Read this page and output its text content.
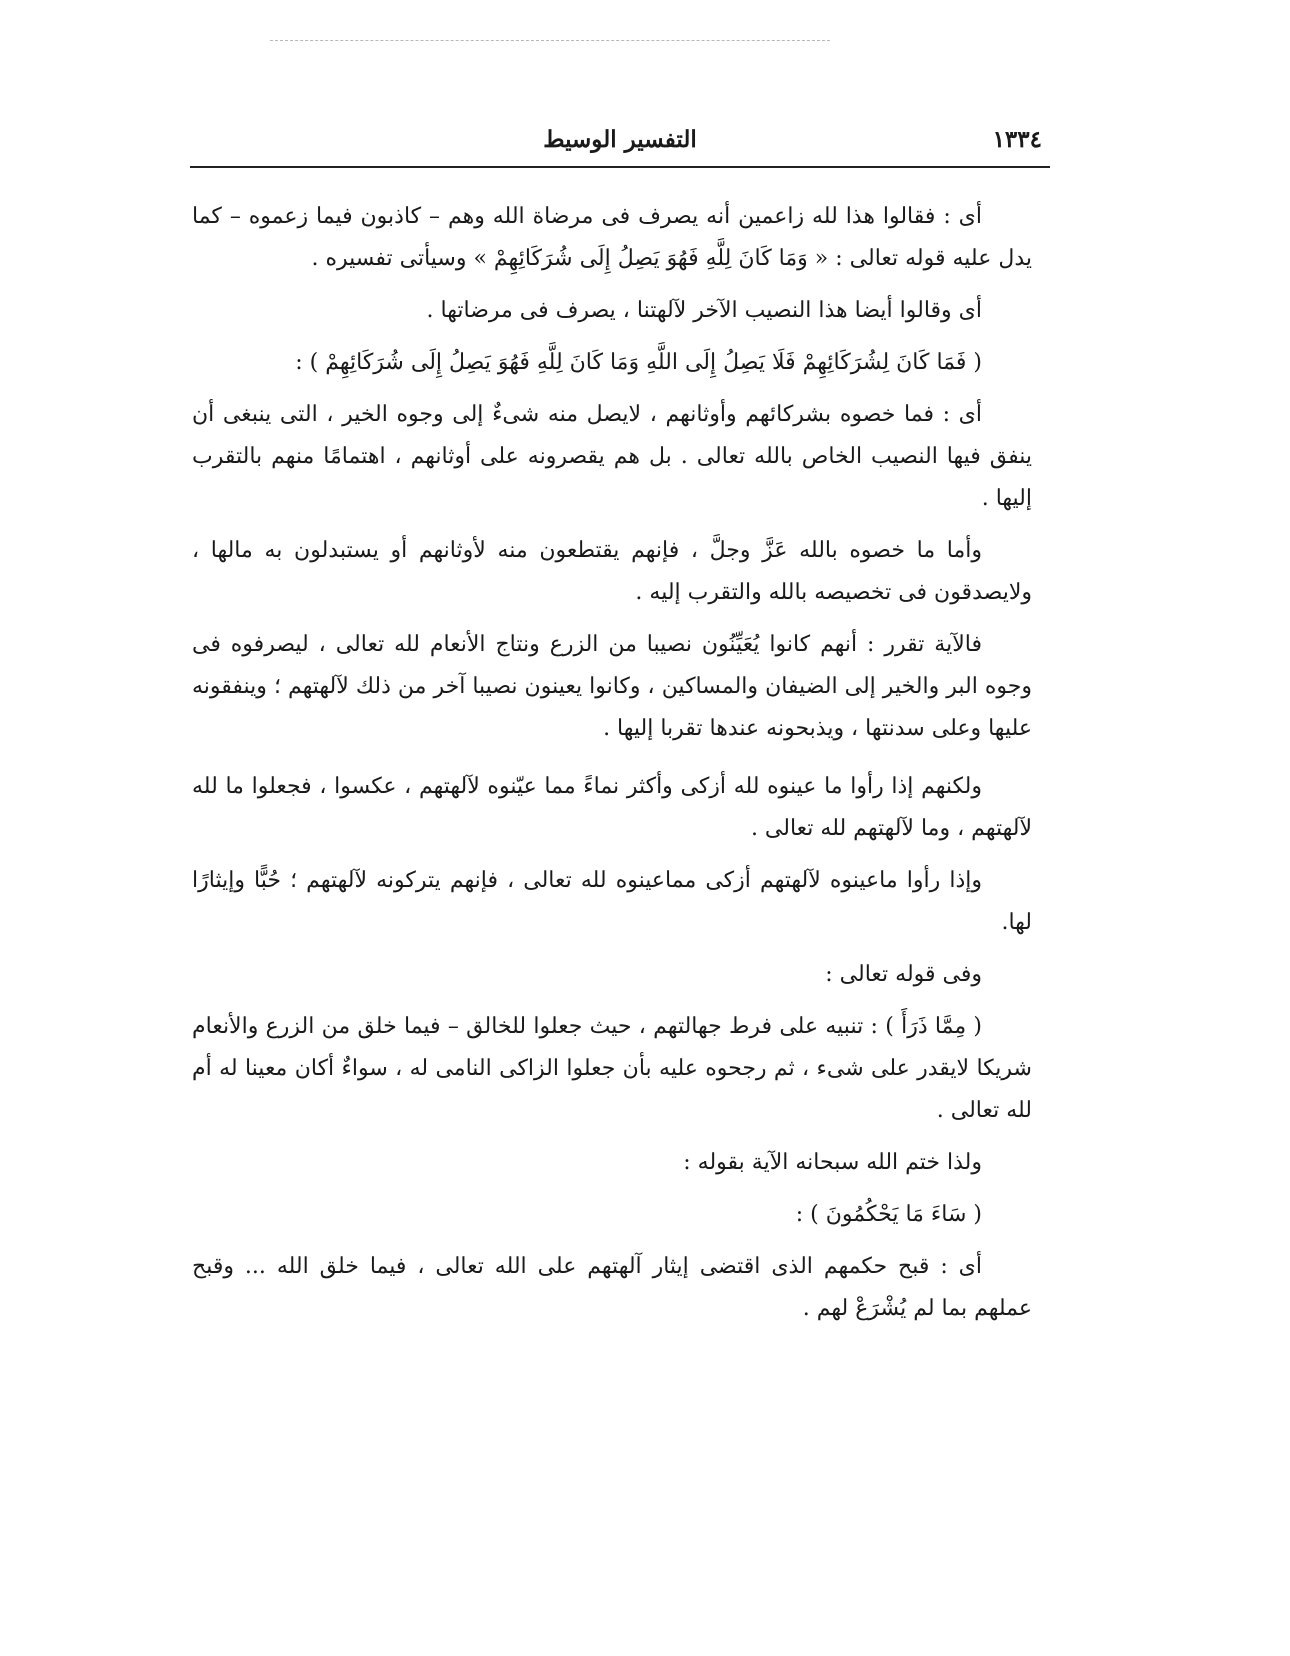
التفسير الوسيط	١٣٣٤

أى : فقالوا هذا لله زاعمين أنه يصرف فى مرضاة الله وهم – كاذبون فيما زعموه – كما يدل عليه قوله تعالى : « وَمَا كَانَ لِلَّهِ فَهُوَ يَصِلُ إِلَى شُرَكَائِهِمْ » وسيأتى تفسيره .

أى وقالوا أيضا هذا النصيب الآخر لآلهتنا ، يصرف فى مرضاتها .

( فَمَا كَانَ لِشُرَكَائِهِمْ فَلَا يَصِلُ إِلَى اللَّهِ وَمَا كَانَ لِلَّهِ فَهُوَ يَصِلُ إِلَى شُرَكَائِهِمْ ) :

أى : فما خصوه بشركائهم وأوثانهم ، لايصل منه شىءٌ إلى وجوه الخير ، التى ينبغى أن ينفق فيها النصيب الخاص بالله تعالى . بل هم يقصرونه على أوثانهم ، اهتمامًا منهم بالتقرب إليها .

وأما ما خصوه بالله عَزَّ وجلَّ ، فإنهم يقتطعون منه لأوثانهم أو يستبدلون به مالها ، ولايصدقون فى تخصيصه بالله والتقرب إليه .

فالآية تقرر : أنهم كانوا يُعَيِّنُون نصيبا من الزرع ونتاج الأنعام لله تعالى ، ليصرفوه فى وجوه البر والخير إلى الضيفان والمساكين ، وكانوا يعينون نصيبا آخر من ذلك لآلهتهم ؛ وينفقونه عليها وعلى سدنتها ، ويذبحونه عندها تقربا إليها .

ولكنهم إذا رأوا ما عينوه لله أزكى وأكثر نماءً مما عيّنوه لآلهتهم ، عكسوا ، فجعلوا ما لله لآلهتهم ، وما لآلهتهم لله تعالى .

وإذا رأوا ماعينوه لآلهتهم أزكى مماعينوه لله تعالى ، فإنهم يتركونه لآلهتهم ؛ حُبًّا وإيثارًا لها.

وفى قوله تعالى :

( مِمَّا ذَرَأَ ) : تنبيه على فرط جهالتهم ، حيث جعلوا للخالق – فيما خلق من الزرع والأنعام شريكا لايقدر على شىء ، ثم رجحوه عليه بأن جعلوا الزاكى النامى له ، سواءٌ أكان معينا له أم لله تعالى .

ولذا ختم الله سبحانه الآية بقوله :

( سَاءَ مَا يَحْكُمُونَ ) :

أى : قبح حكمهم الذى اقتضى إيثار آلهتهم على الله تعالى ، فيما خلق الله ... وقبح عملهم بما لم يُشْرَعْ لهم .
